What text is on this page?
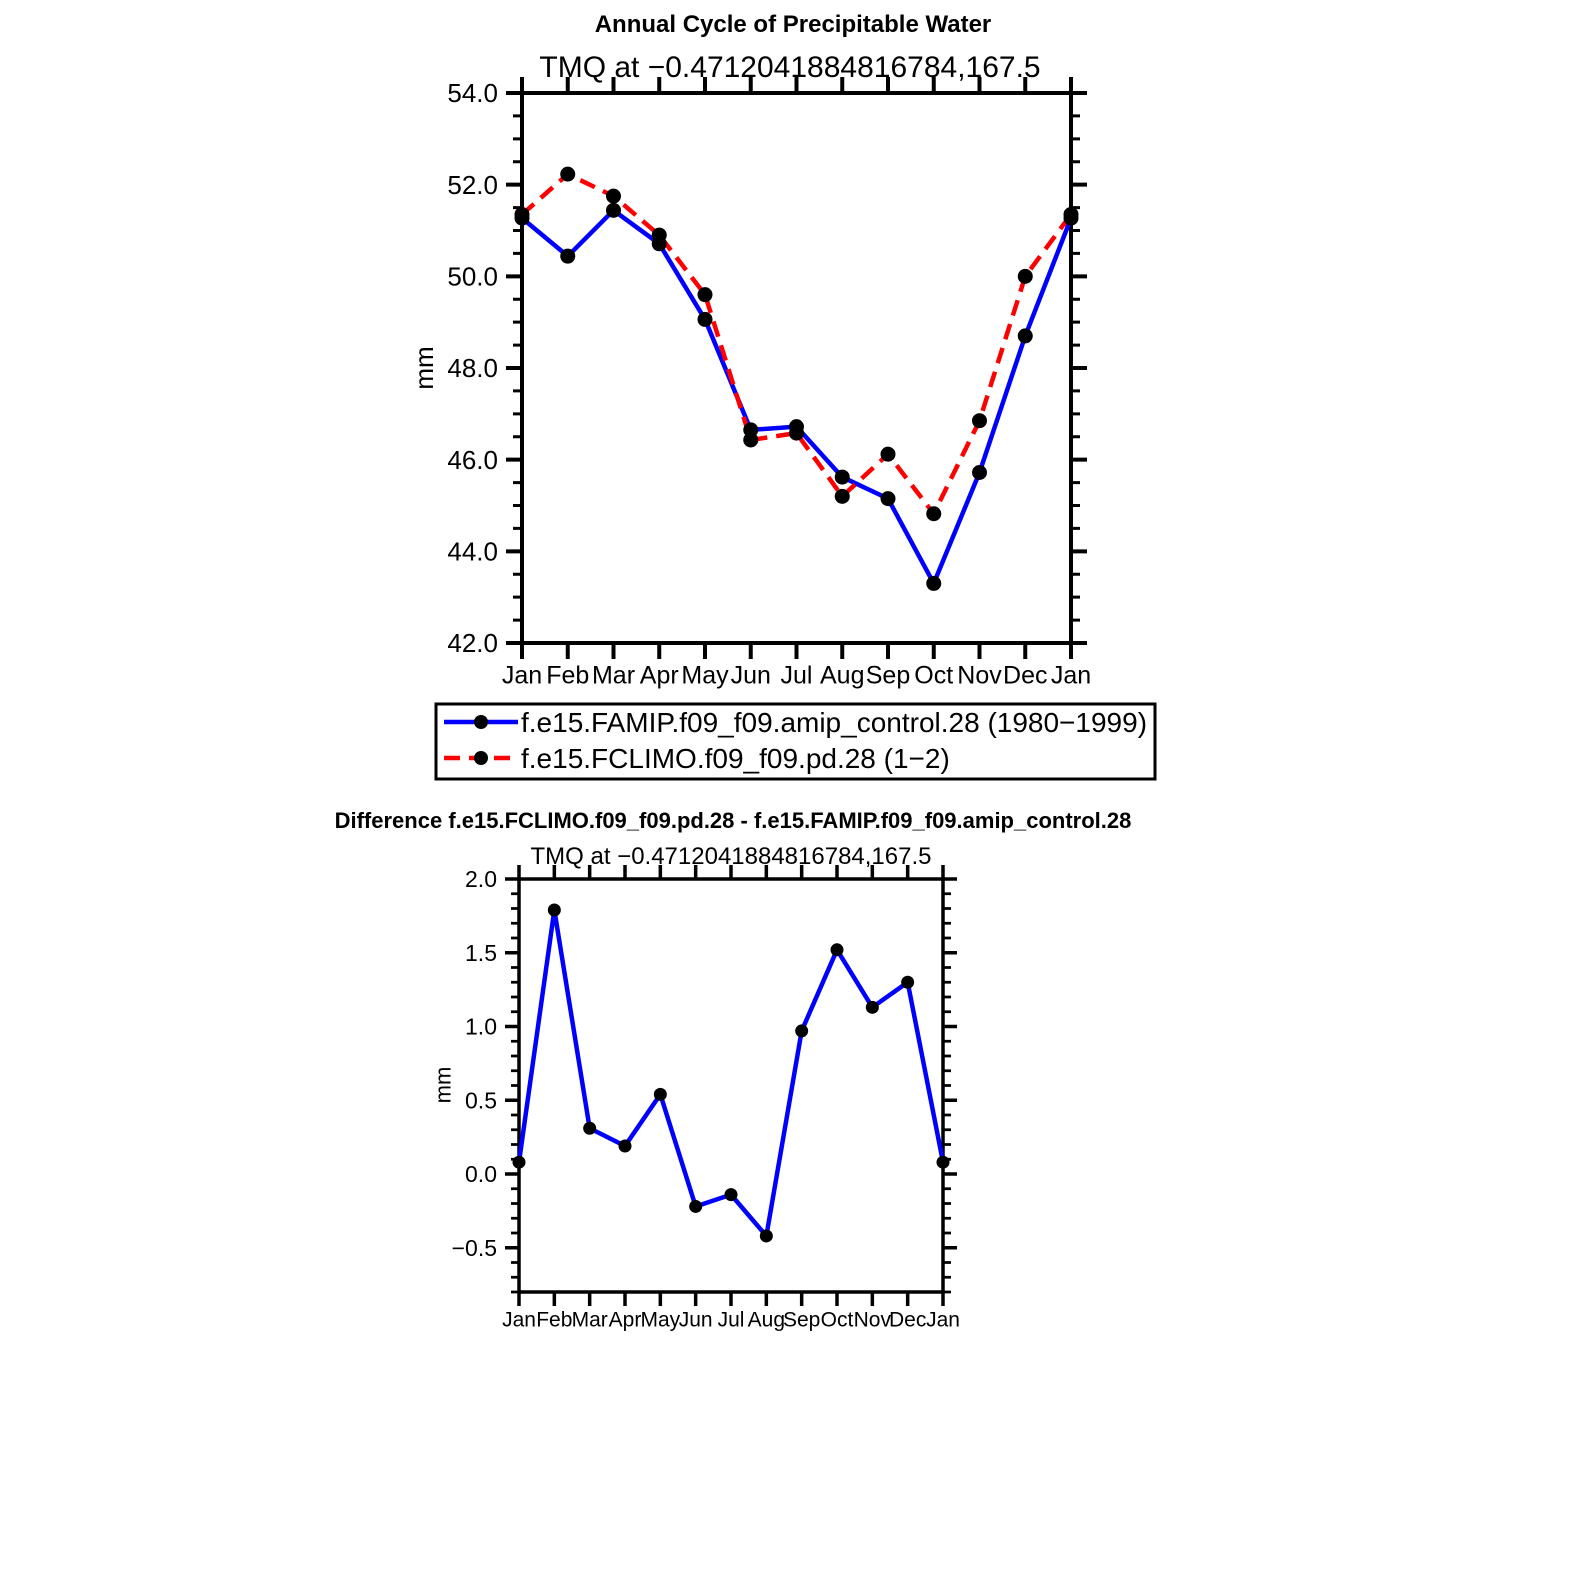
Annual Cycle of Precipitable Water
TMQ at −0.4712041884816784,167.5
mm
42.0
44.0
46.0
48.0
50.0
52.0
54.0
Jan Feb Mar Apr May Jun Jul Aug Sep Oct Nov Dec Jan
f.e15.FAMIP.f09_f09.amip_control.28 (1980−1999)
f.e15.FCLIMO.f09_f09.pd.28 (1−2)
Difference f.e15.FCLIMO.f09_f09.pd.28 - f.e15.FAMIP.f09_f09.amip_control.28
TMQ at −0.4712041884816784,167.5
mm
−0.5
0.0
0.5
1.0
1.5
2.0
Jan Feb Mar Apr May
Jun Jul Aug
Sep Oct Nov
Dec Jan
